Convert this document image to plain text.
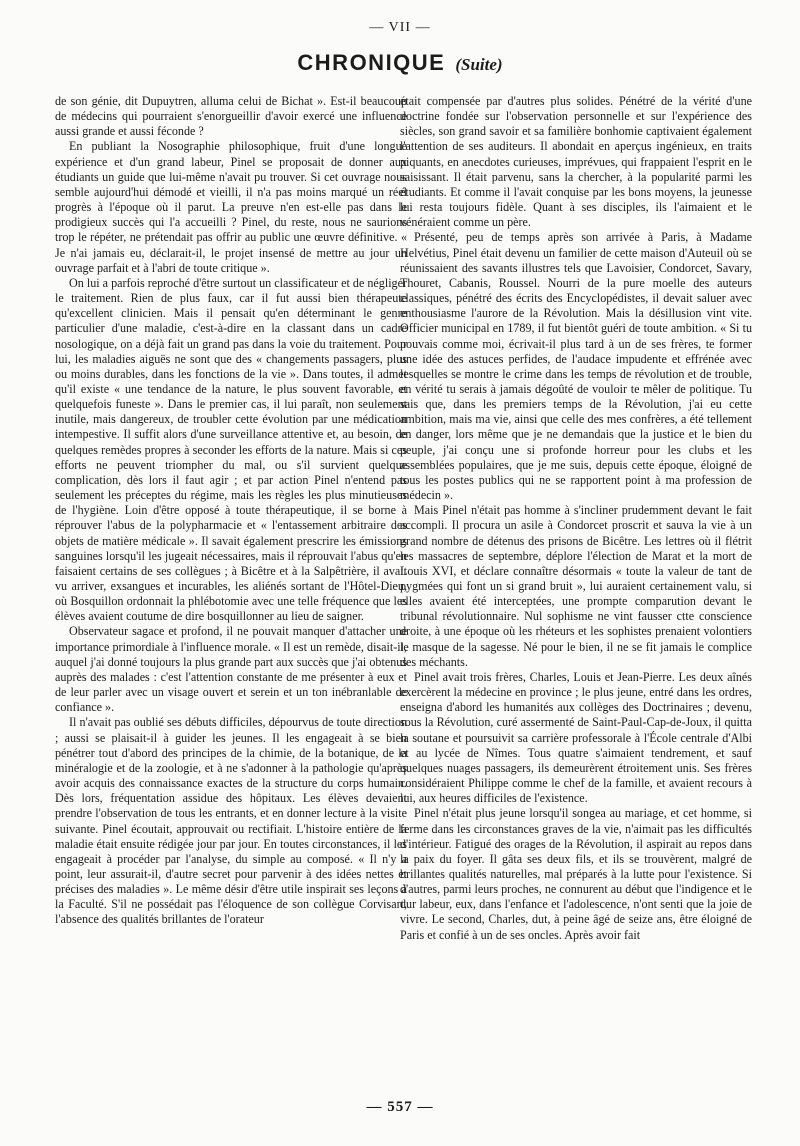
— VII —
CHRONIQUE (Suite)

de son génie, dit Dupuytren, alluma celui de Bichat ». Est-il beaucoup de médecins qui pourraient s'enorgueillir d'avoir exercé une influence aussi grande et aussi féconde ?

En publiant la Nosographie philosophique, fruit d'une longue expérience et d'un grand labeur, Pinel se proposait de donner aux étudiants un guide que lui-même n'avait pu trouver. Si cet ouvrage nous semble aujourd'hui démodé et vieilli, il n'a pas moins marqué un réel progrès à l'époque où il parut. La preuve n'en est-elle pas dans le prodigieux succès qui l'a accueilli ? Pinel, du reste, nous ne saurions trop le répéter, ne prétendait pas offrir au public une œuvre définitive. « Je n'ai jamais eu, déclarait-il, le projet insensé de mettre au jour un ouvrage parfait et à l'abri de toute critique ».

On lui a parfois reproché d'être surtout un classificateur et de négliger le traitement. Rien de plus faux, car il fut aussi bien thérapeute qu'excellent clinicien. Mais il pensait qu'en déterminant le genre particulier d'une maladie, c'est-à-dire en la classant dans un cadre nosologique, on a déjà fait un grand pas dans la voie du traitement. Pour lui, les maladies aiguës ne sont que des « changements passagers, plus ou moins durables, dans les fonctions de la vie ». Dans toutes, il admet qu'il existe « une tendance de la nature, le plus souvent favorable, et quelquefois funeste ». Dans le premier cas, il lui paraît, non seulement inutile, mais dangereux, de troubler cette évolution par une médication intempestive. Il suffit alors d'une surveillance attentive et, au besoin, de quelques remèdes propres à seconder les efforts de la nature. Mais si ces efforts ne peuvent triompher du mal, ou s'il survient quelque complication, dès lors il faut agir ; et par action Pinel n'entend pas seulement les préceptes du régime, mais les règles les plus minutieuses de l'hygiène. Loin d'être opposé à toute thérapeutique, il se borne à réprouver l'abus de la polypharmacie et « l'entassement arbitraire des objets de matière médicale ». Il savait également prescrire les émissions sanguines lorsqu'il les jugeait nécessaires, mais il réprouvait l'abus qu'en faisaient certains de ses collègues ; à Bicêtre et à la Salpêtrière, il avait vu arriver, exsangues et incurables, les aliénés sortant de l'Hôtel-Dieu, où Bosquillon ordonnait la phlébotomie avec une telle fréquence que les élèves avaient coutume de dire bosquillonner au lieu de saigner.

Observateur sagace et profond, il ne pouvait manquer d'attacher une importance primordiale à l'influence morale. « Il est un remède, disait-il, auquel j'ai donné toujours la plus grande part aux succès que j'ai obtenus auprès des malades : c'est l'attention constante de me présenter à eux et de leur parler avec un visage ouvert et serein et un ton inébranlable de confiance ».

Il n'avait pas oublié ses débuts difficiles, dépourvus de toute direction ; aussi se plaisait-il à guider les jeunes. Il les engageait à se bien pénétrer tout d'abord des principes de la chimie, de la botanique, de la minéralogie et de la zoologie, et à ne s'adonner à la pathologie qu'après avoir acquis des connaissance exactes de la structure du corps humain. Dès lors, fréquentation assidue des hôpitaux. Les élèves devaient prendre l'observation de tous les entrants, et en donner lecture à la visite suivante. Pinel écoutait, approuvait ou rectifiait. L'histoire entière de la maladie était ensuite rédigée jour par jour. En toutes circonstances, il les engageait à procéder par l'analyse, du simple au composé. « Il n'y a point, leur assurait-il, d'autre secret pour parvenir à des idées nettes et précises des maladies ». Le même désir d'être utile inspirait ses leçons à la Faculté. S'il ne possédait pas l'éloquence de son collègue Corvisart, l'absence des qualités brillantes de l'orateur

était compensée par d'autres plus solides. Pénétré de la vérité d'une doctrine fondée sur l'observation personnelle et sur l'expérience des siècles, son grand savoir et sa familière bonhomie captivaient également l'attention de ses auditeurs. Il abondait en aperçus ingénieux, en traits piquants, en anecdotes curieuses, imprévues, qui frappaient l'esprit en le saisissant. Il était parvenu, sans la chercher, à la popularité parmi les étudiants. Et comme il l'avait conquise par les bons moyens, la jeunesse lui resta toujours fidèle. Quant à ses disciples, ils l'aimaient et le vénéraient comme un père.

Présenté, peu de temps après son arrivée à Paris, à Madame Helvétius, Pinel était devenu un familier de cette maison d'Auteuil où se réunissaient des savants illustres tels que Lavoisier, Condorcet, Savary, Thouret, Cabanis, Roussel. Nourri de la pure moelle des auteurs classiques, pénétré des écrits des Encyclopédistes, il devait saluer avec enthousiasme l'aurore de la Révolution. Mais la désillusion vint vite. Officier municipal en 1789, il fut bientôt guéri de toute ambition. « Si tu pouvais comme moi, écrivait-il plus tard à un de ses frères, te former une idée des astuces perfides, de l'audace impudente et effrénée avec lesquelles se montre le crime dans les temps de révolution et de trouble, en vérité tu serais à jamais dégoûté de vouloir te mêler de politique. Tu sais que, dans les premiers temps de la Révolution, j'ai eu cette ambition, mais ma vie, ainsi que celle des mes confrères, a été tellement en danger, lors même que je ne demandais que la justice et le bien du peuple, j'ai conçu une si profonde horreur pour les clubs et les assemblées populaires, que je me suis, depuis cette époque, éloigné de tous les postes publics qui ne se rapportent point à ma profession de médecin ».

Mais Pinel n'était pas homme à s'incliner prudemment devant le fait accompli. Il procura un asile à Condorcet proscrit et sauva la vie à un grand nombre de détenus des prisons de Bicêtre. Les lettres où il flétrit les massacres de septembre, déplore l'élection de Marat et la mort de Louis XVI, et déclare connaître désormais « toute la valeur de tant de pygmées qui font un si grand bruit », lui auraient certainement valu, si elles avaient été interceptées, une prompte comparution devant le tribunal révolutionnaire. Nul sophisme ne vint fausser ctte conscience droite, à une époque où les rhéteurs et les sophistes prenaient volontiers le masque de la sagesse. Né pour le bien, il ne se fit jamais le complice des méchants.

Pinel avait trois frères, Charles, Louis et Jean-Pierre. Les deux aînés exercèrent la médecine en province ; le plus jeune, entré dans les ordres, enseigna d'abord les humanités aux collèges des Doctrinaires ; devenu, sous la Révolution, curé assermenté de Saint-Paul-Cap-de-Joux, il quitta la soutane et poursuivit sa carrière professorale à l'École centrale d'Albi et au lycée de Nîmes. Tous quatre s'aimaient tendrement, et sauf quelques nuages passagers, ils demeurèrent étroitement unis. Ses frères considéraient Philippe comme le chef de la famille, et avaient recours à lui, aux heures difficiles de l'existence.

Pinel n'était plus jeune lorsqu'il songea au mariage, et cet homme, si ferme dans les circonstances graves de la vie, n'aimait pas les difficultés d'intérieur. Fatigué des orages de la Révolution, il aspirait au repos dans la paix du foyer. Il gâta ses deux fils, et ils se trouvèrent, malgré de brillantes qualités naturelles, mal préparés à la lutte pour l'existence. Si d'autres, parmi leurs proches, ne connurent au début que l'indigence et le dur labeur, eux, dans l'enfance et l'adolescence, n'ont senti que la joie de vivre. Le second, Charles, dut, à peine âgé de seize ans, être éloigné de Paris et confié à un de ses oncles. Après avoir fait

— 557 —
